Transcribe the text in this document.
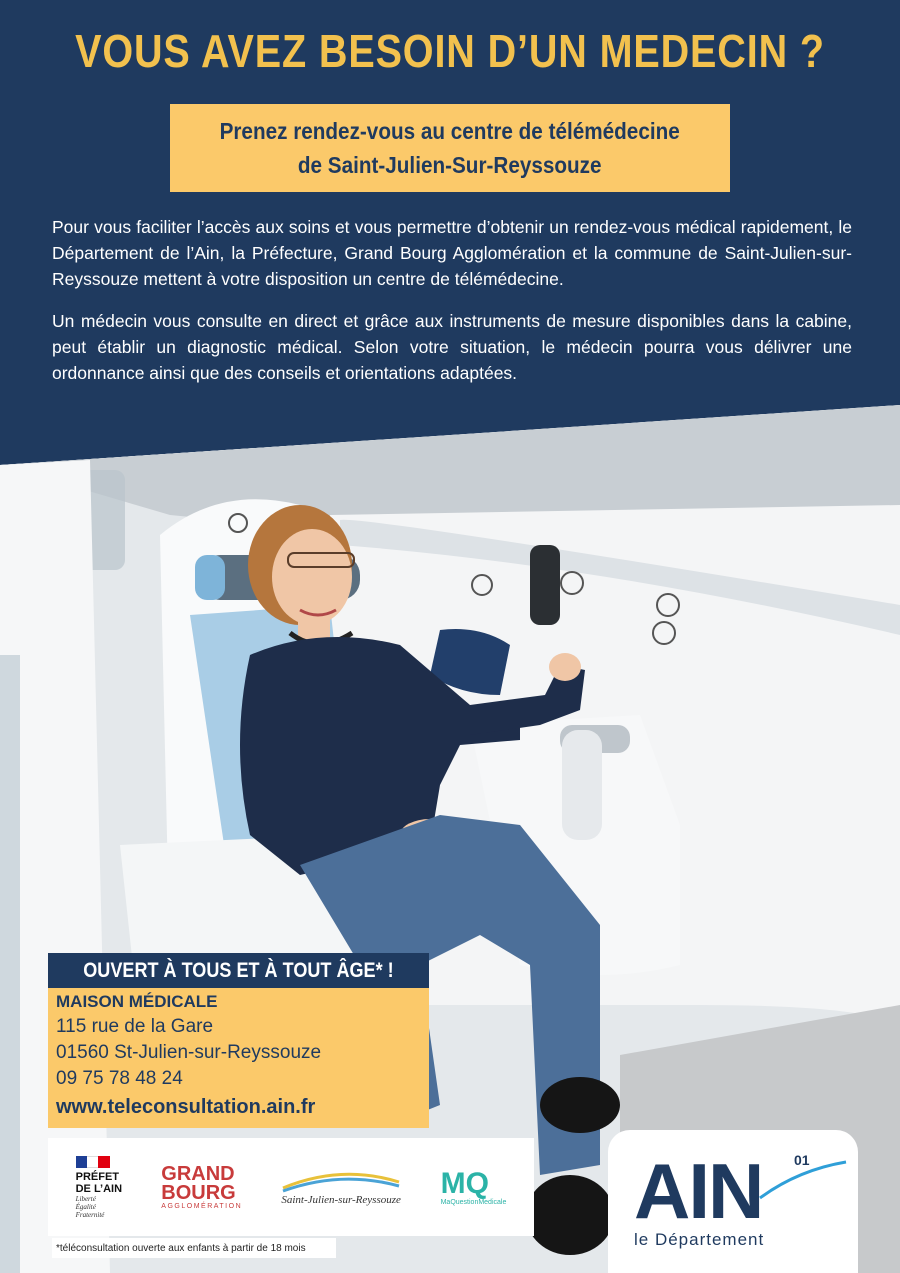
VOUS AVEZ BESOIN D’UN MEDECIN ?
Prenez rendez-vous au centre de télémédecine
de Saint-Julien-Sur-Reyssouze

Pour vous faciliter l’accès aux soins et vous permettre d’obtenir un rendez-vous médical rapidement, le Département de l’Ain, la Préfecture, Grand Bourg Agglomération et la commune de Saint-Julien-sur-Reyssouze mettent à votre disposition un centre de télémédecine.

Un médecin vous consulte en direct et grâce aux instruments de mesure disponibles dans la cabine, peut établir un diagnostic médical. Selon votre situation, le médecin pourra vous délivrer une ordonnance ainsi que des conseils et orientations adaptées.

OUVERT À TOUS ET À TOUT ÂGE* !
MAISON MÉDICALE
115 rue de la Gare
01560 St-Julien-sur-Reyssouze
09 75 78 48 24
www.teleconsultation.ain.fr
PRÉFET
DE L’AIN
Liberté
Égalité
Fraternité
GRAND
BOURG
AGGLOMÉRATION	Saint-Julien-sur-Reyssouze
MQ
MaQuestionMedicale
*téléconsultation ouverte aux enfants à partir de 18 mois
AIN 01
le Département
